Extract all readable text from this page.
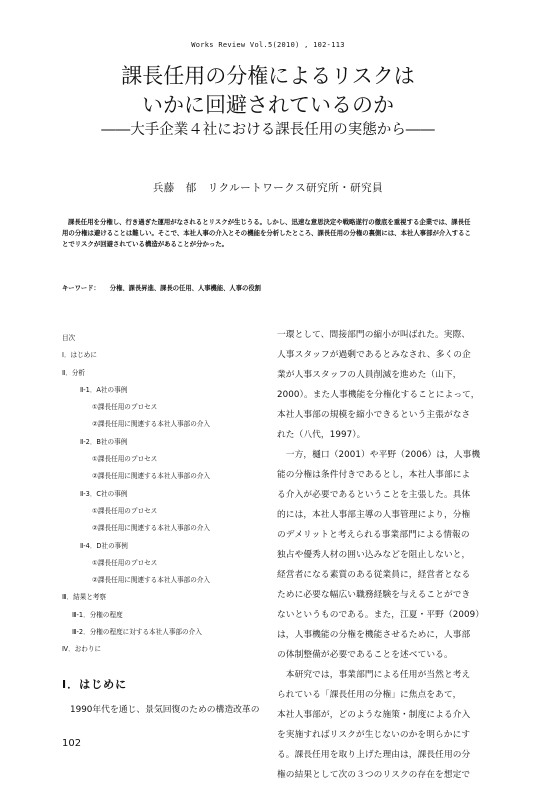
Works Review Vol.5(2010) , 102-113
課長任用の分権によるリスクは
いかに回避されているのか
――大手企業４社における課長任用の実態から――
兵藤　郁　リクルートワークス研究所・研究員

課長任用を分権し、行き過ぎた運用がなされるとリスクが生じうる。しかし、迅速な意思決定や戦略遂行の徹底を重視する企業では、課長任用の分権は避けることは難しい。そこで、本社人事の介入とその機能を分析したところ、課長任用の分権の裏側には、本社人事部が介入することでリスクが回避されている構造があることが分かった。

キーワード： 分権、課長昇進、課長の任用、人事機能、人事の役割
目次
Ⅰ．はじめに
Ⅱ．分析
Ⅱ-1．A社の事例
①課長任用のプロセス
②課長任用に関連する本社人事部の介入
Ⅱ-2．B社の事例
①課長任用のプロセス
②課長任用に関連する本社人事部の介入
Ⅱ-3．C社の事例
①課長任用のプロセス
②課長任用に関連する本社人事部の介入
Ⅱ-4．D社の事例
①課長任用のプロセス
②課長任用に関連する本社人事部の介入
Ⅲ．結果と考察
Ⅲ-1．分権の程度
Ⅲ-2．分権の程度に対する本社人事部の介入
Ⅳ．おわりに
Ⅰ．はじめに
一環として、間接部門の縮小が叫ばれた。実際、
人事スタッフが過剰であるとみなされ、多くの企
業が人事スタッフの人員削減を進めた（山下，
2000）。また人事機能を分権化することによって，
本社人事部の規模を縮小できるという主張がなさ
れた（八代，1997）。
　一方，樋口（2001）や平野（2006）は，人事機
能の分権は条件付きであるとし，本社人事部によ
る介入が必要であるということを主張した。具体
的には，本社人事部主導の人事管理により，分権
のデメリットと考えられる事業部門による情報の
独占や優秀人材の囲い込みなどを阻止しないと，
経営者になる素質のある従業員に，経営者となる
ために必要な幅広い職務経験を与えることができ
ないというものである。また，江夏・平野（2009）
は，人事機能の分権を機能させるために，人事部
の体制整備が必要であることを述べている。
　本研究では，事業部門による任用が当然と考え
られている「課長任用の分権」に焦点をあて，
本社人事部が，どのような施策・制度による介入
を実施すればリスクが生じないのかを明らかにす
る。課長任用を取り上げた理由は，課長任用の分
権の結果として次の３つのリスクの存在を想定で
102
1990年代を通じ、景気回復のための構造改革の
